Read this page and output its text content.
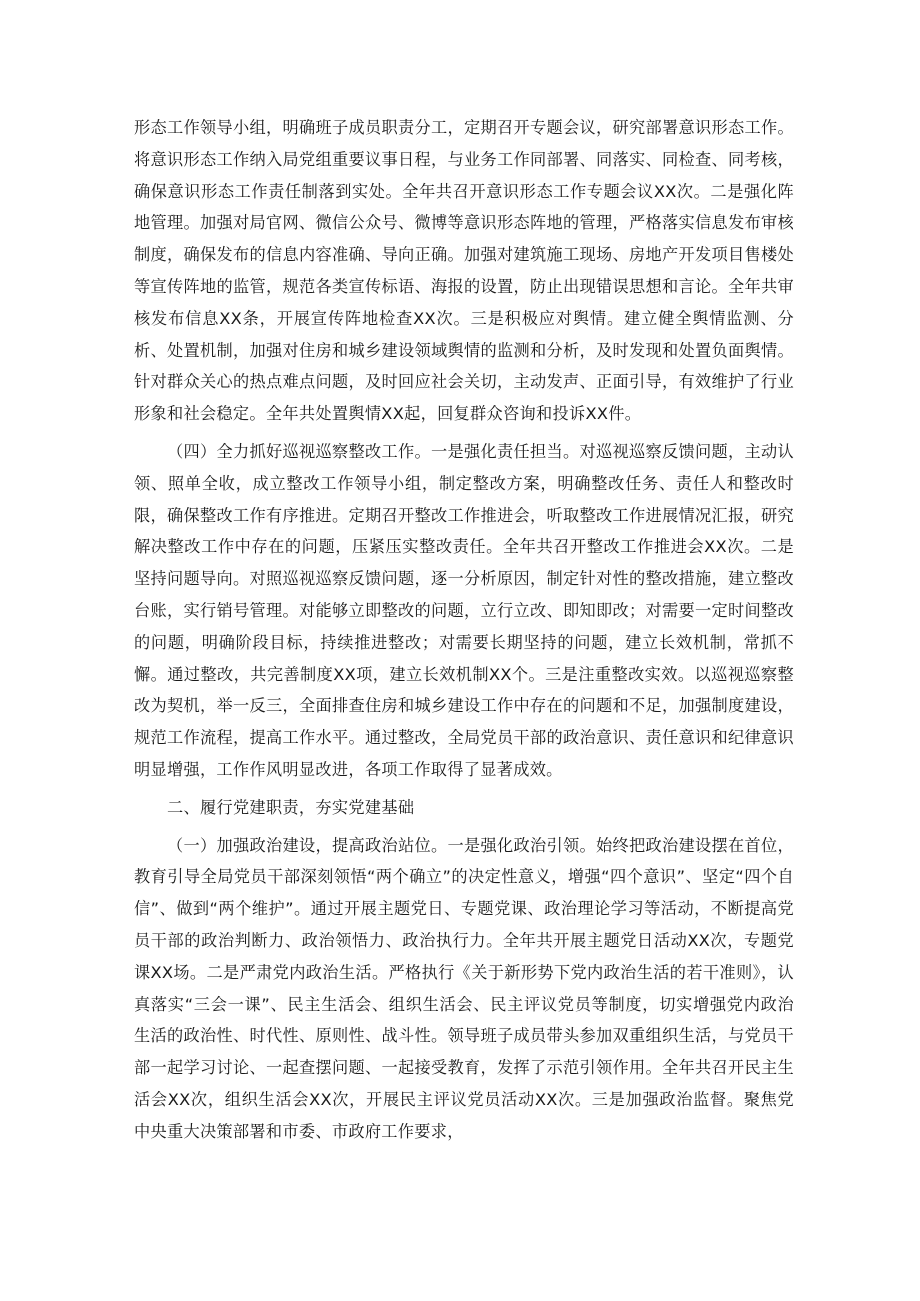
形态工作领导小组，明确班子成员职责分工，定期召开专题会议，研究部署意识形态工作。将意识形态工作纳入局党组重要议事日程，与业务工作同部署、同落实、同检查、同考核，确保意识形态工作责任制落到实处。全年共召开意识形态工作专题会议XX次。二是强化阵地管理。加强对局官网、微信公众号、微博等意识形态阵地的管理，严格落实信息发布审核制度，确保发布的信息内容准确、导向正确。加强对建筑施工现场、房地产开发项目售楼处等宣传阵地的监管，规范各类宣传标语、海报的设置，防止出现错误思想和言论。全年共审核发布信息XX条，开展宣传阵地检查XX次。三是积极应对舆情。建立健全舆情监测、分析、处置机制，加强对住房和城乡建设领域舆情的监测和分析，及时发现和处置负面舆情。针对群众关心的热点难点问题，及时回应社会关切，主动发声、正面引导，有效维护了行业形象和社会稳定。全年共处置舆情XX起，回复群众咨询和投诉XX件。

（四）全力抓好巡视巡察整改工作。一是强化责任担当。对巡视巡察反馈问题，主动认领、照单全收，成立整改工作领导小组，制定整改方案，明确整改任务、责任人和整改时限，确保整改工作有序推进。定期召开整改工作推进会，听取整改工作进展情况汇报，研究解决整改工作中存在的问题，压紧压实整改责任。全年共召开整改工作推进会XX次。二是坚持问题导向。对照巡视巡察反馈问题，逐一分析原因，制定针对性的整改措施，建立整改台账，实行销号管理。对能够立即整改的问题，立行立改、即知即改；对需要一定时间整改的问题，明确阶段目标，持续推进整改；对需要长期坚持的问题，建立长效机制，常抓不懈。通过整改，共完善制度XX项，建立长效机制XX个。三是注重整改实效。以巡视巡察整改为契机，举一反三，全面排查住房和城乡建设工作中存在的问题和不足，加强制度建设，规范工作流程，提高工作水平。通过整改，全局党员干部的政治意识、责任意识和纪律意识明显增强，工作作风明显改进，各项工作取得了显著成效。

二、履行党建职责，夯实党建基础

（一）加强政治建设，提高政治站位。一是强化政治引领。始终把政治建设摆在首位，教育引导全局党员干部深刻领悟“两个确立”的决定性意义，增强“四个意识”、坚定“四个自信”、做到“两个维护”。通过开展主题党日、专题党课、政治理论学习等活动，不断提高党员干部的政治判断力、政治领悟力、政治执行力。全年共开展主题党日活动XX次，专题党课XX场。二是严肃党内政治生活。严格执行《关于新形势下党内政治生活的若干准则》，认真落实“三会一课”、民主生活会、组织生活会、民主评议党员等制度，切实增强党内政治生活的政治性、时代性、原则性、战斗性。领导班子成员带头参加双重组织生活，与党员干部一起学习讨论、一起查摆问题、一起接受教育，发挥了示范引领作用。全年共召开民主生活会XX次，组织生活会XX次，开展民主评议党员活动XX次。三是加强政治监督。聚焦党中央重大决策部署和市委、市政府工作要求，
